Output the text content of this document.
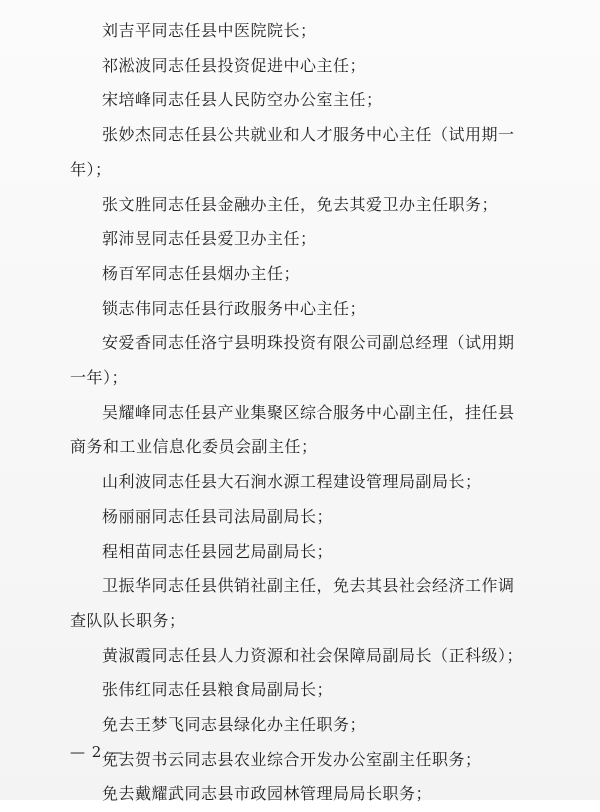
刘吉平同志任县中医院院长；
祁淞波同志任县投资促进中心主任；
宋培峰同志任县人民防空办公室主任；
张妙杰同志任县公共就业和人才服务中心主任（试用期一
年）；
张文胜同志任县金融办主任，免去其爱卫办主任职务；
郭沛昱同志任县爱卫办主任；
杨百军同志任县烟办主任；
锁志伟同志任县行政服务中心主任；
安爱香同志任洛宁县明珠投资有限公司副总经理（试用期
一年）；
吴耀峰同志任县产业集聚区综合服务中心副主任，挂任县
商务和工业信息化委员会副主任；
山利波同志任县大石涧水源工程建设管理局副局长；
杨丽丽同志任县司法局副局长；
程相苗同志任县园艺局副局长；
卫振华同志任县供销社副主任，免去其县社会经济工作调
查队队长职务；
黄淑霞同志任县人力资源和社会保障局副局长（正科级）；
张伟红同志任县粮食局副局长；
免去王梦飞同志县绿化办主任职务；
免去贺书云同志县农业综合开发办公室副主任职务；
免去戴耀武同志县市政园林管理局局长职务；
— 2 —
